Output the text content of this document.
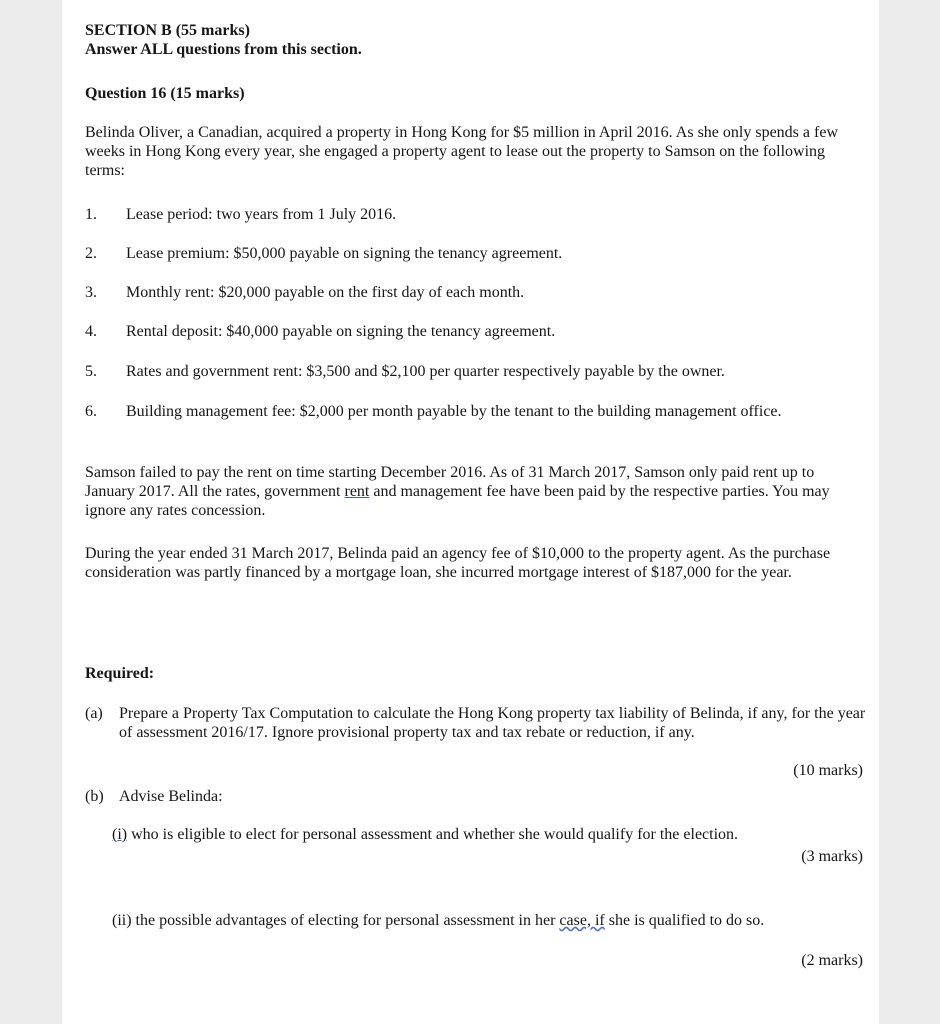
SECTION B (55 marks)

Answer ALL questions from this section.

Question 16 (15 marks)

Belinda Oliver, a Canadian, acquired a property in Hong Kong for $5 million in April 2016. As she only spends a few weeks in Hong Kong every year, she engaged a property agent to lease out the property to Samson on the following terms:

1.	Lease period: two years from 1 July 2016.
2.	Lease premium: $50,000 payable on signing the tenancy agreement.
3.	Monthly rent: $20,000 payable on the first day of each month.
4.	Rental deposit: $40,000 payable on signing the tenancy agreement.
5.	Rates and government rent: $3,500 and $2,100 per quarter respectively payable by the owner.
6.	Building management fee: $2,000 per month payable by the tenant to the building management office.

Samson failed to pay the rent on time starting December 2016. As of 31 March 2017, Samson only paid rent up to January 2017. All the rates, government rent and management fee have been paid by the respective parties. You may ignore any rates concession.

During the year ended 31 March 2017, Belinda paid an agency fee of $10,000 to the property agent. As the purchase consideration was partly financed by a mortgage loan, she incurred mortgage interest of $187,000 for the year.

Required:

(a) Prepare a Property Tax Computation to calculate the Hong Kong property tax liability of Belinda, if any, for the year of assessment 2016/17. Ignore provisional property tax and tax rebate or reduction, if any.
(10 marks)
(b) Advise Belinda:
(i) who is eligible to elect for personal assessment and whether she would qualify for the election.
(3 marks)
(ii) the possible advantages of electing for personal assessment in her case, if she is qualified to do so.
(2 marks)
